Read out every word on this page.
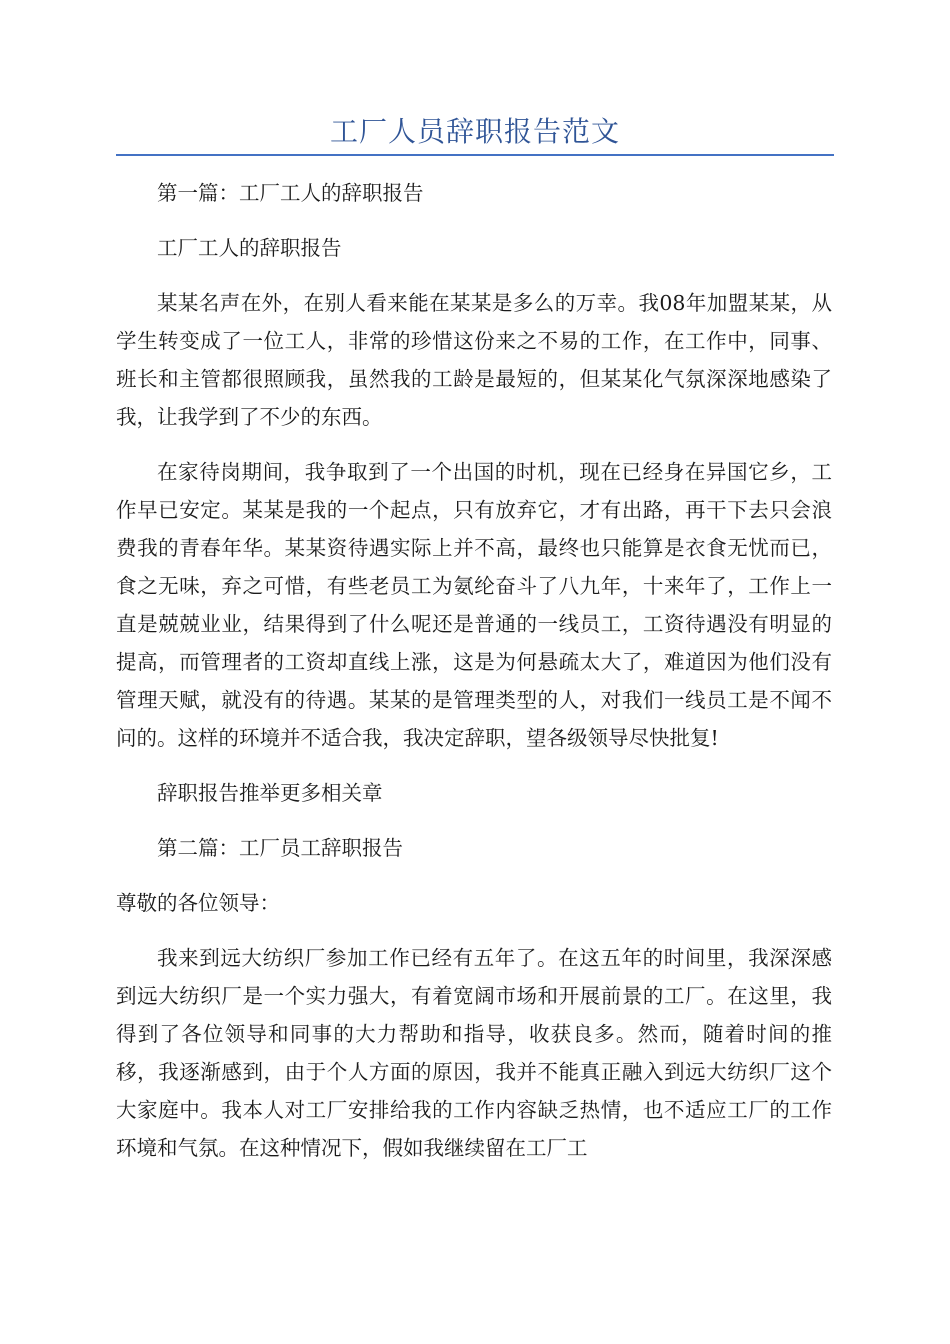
工厂人员辞职报告范文

第一篇：工厂工人的辞职报告

工厂工人的辞职报告

某某名声在外，在别人看来能在某某是多么的万幸。我08年加盟某某，从学生转变成了一位工人，非常的珍惜这份来之不易的工作，在工作中，同事、班长和主管都很照顾我，虽然我的工龄是最短的，但某某化气氛深深地感染了我，让我学到了不少的东西。

在家待岗期间，我争取到了一个出国的时机，现在已经身在异国它乡，工作早已安定。某某是我的一个起点，只有放弃它，才有出路，再干下去只会浪费我的青春年华。某某资待遇实际上并不高，最终也只能算是衣食无忧而已，食之无味，弃之可惜，有些老员工为氨纶奋斗了八九年，十来年了，工作上一直是兢兢业业，结果得到了什么呢还是普通的一线员工，工资待遇没有明显的提高，而管理者的工资却直线上涨，这是为何悬疏太大了，难道因为他们没有管理天赋，就没有的待遇。某某的是管理类型的人，对我们一线员工是不闻不问的。这样的环境并不适合我，我决定辞职，望各级领导尽快批复!

辞职报告推举更多相关章

第二篇：工厂员工辞职报告

尊敬的各位领导：

我来到远大纺织厂参加工作已经有五年了。在这五年的时间里，我深深感到远大纺织厂是一个实力强大，有着宽阔市场和开展前景的工厂。在这里，我得到了各位领导和同事的大力帮助和指导，收获良多。然而，随着时间的推移，我逐渐感到，由于个人方面的原因，我并不能真正融入到远大纺织厂这个大家庭中。我本人对工厂安排给我的工作内容缺乏热情，也不适应工厂的工作环境和气氛。在这种情况下，假如我继续留在工厂工
